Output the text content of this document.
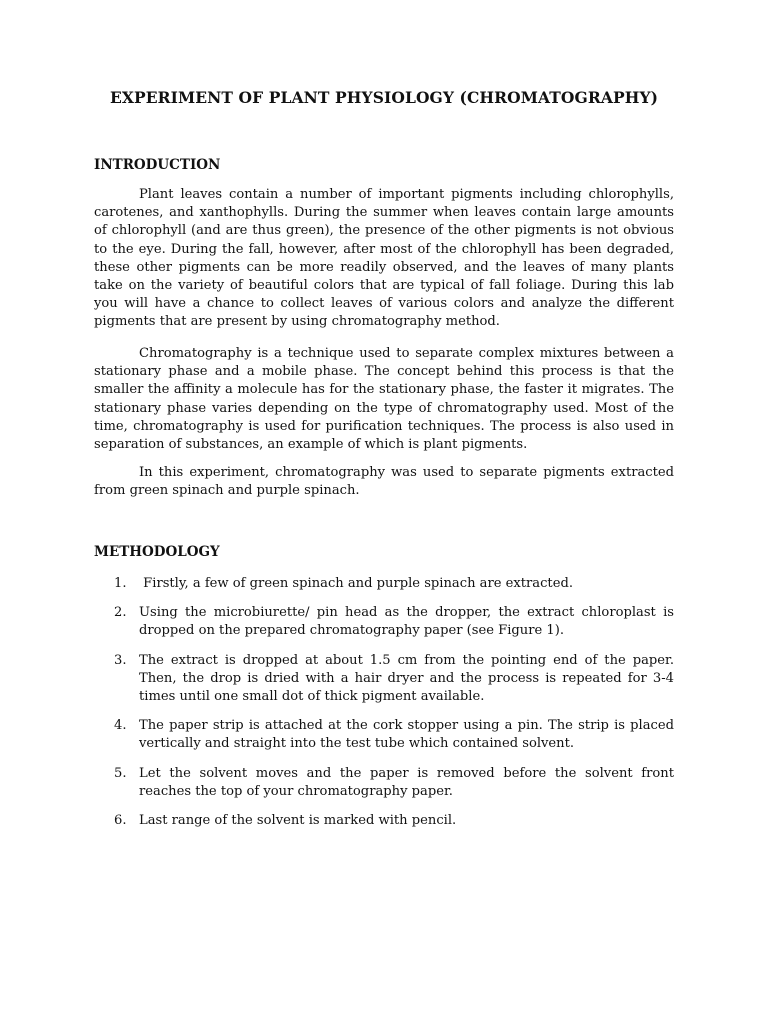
EXPERIMENT OF PLANT PHYSIOLOGY (CHROMATOGRAPHY)
INTRODUCTION

Plant leaves contain a number of important pigments including chlorophylls, carotenes, and xanthophylls. During the summer when leaves contain large amounts of chlorophyll (and are thus green), the presence of the other pigments is not obvious to the eye. During the fall, however, after most of the chlorophyll has been degraded, these other pigments can be more readily observed, and the leaves of many plants take on the variety of beautiful colors that are typical of fall foliage. During this lab you will have a chance to collect leaves of various colors and analyze the different pigments that are present by using chromatography method.

Chromatography is a technique used to separate complex mixtures between a stationary phase and a mobile phase. The concept behind this process is that the smaller the affinity a molecule has for the stationary phase, the faster it migrates. The stationary phase varies depending on the type of chromatography used. Most of the time, chromatography is used for purification techniques. The process is also used in separation of substances, an example of which is plant pigments.

In this experiment, chromatography was used to separate pigments extracted from green spinach and purple spinach.

METHODOLOGY
1. Firstly, a few of green spinach and purple spinach are extracted.
2. Using the microbiurette/ pin head as the dropper, the extract chloroplast is dropped on the prepared chromatography paper (see Figure 1).
3. The extract is dropped at about 1.5 cm from the pointing end of the paper. Then, the drop is dried with a hair dryer and the process is repeated for 3-4 times until one small dot of thick pigment available.
4. The paper strip is attached at the cork stopper using a pin. The strip is placed vertically and straight into the test tube which contained solvent.
5. Let the solvent moves and the paper is removed before the solvent front reaches the top of your chromatography paper.
6. Last range of the solvent is marked with pencil.
